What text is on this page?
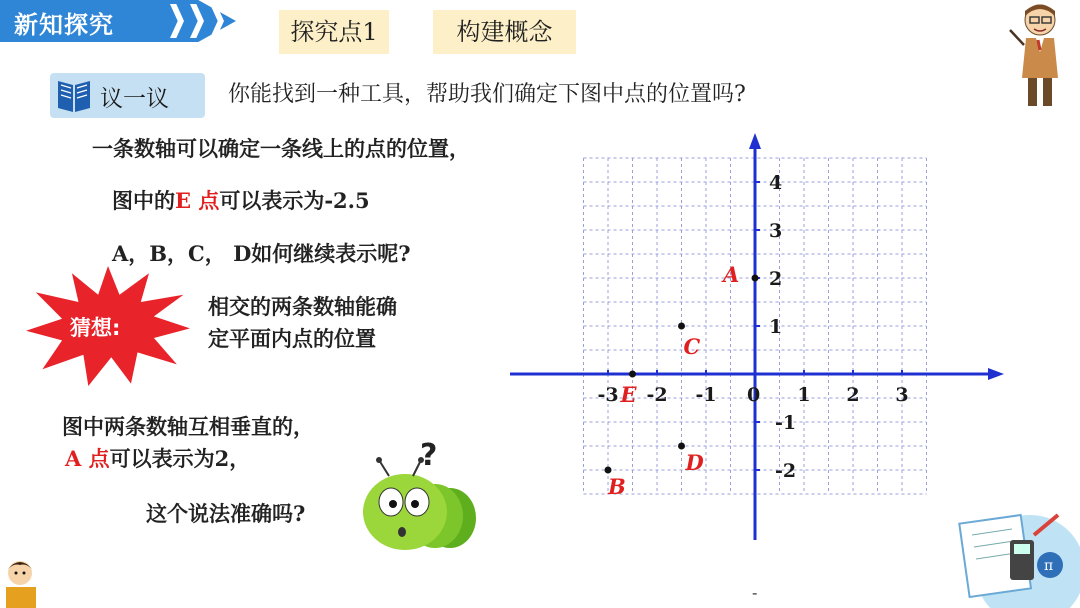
新知探究	探究点1	构建概念
议一议	你能找到一种工具，帮助我们确定下图中点的位置吗?
一条数轴可以确定一条线上的点的位置，
图中的E 点可以表示为-2.5
A，B，C， D如何继续表示呢?
猜想:
相交的两条数轴能确
定平面内点的位置
图中两条数轴互相垂直的，
A 点可以表示为2，
这个说法准确吗?
?
π
-3 -2 -1	1 2 3
4
3
2
1
-1
-2
0
A
B
C
D
E
-
